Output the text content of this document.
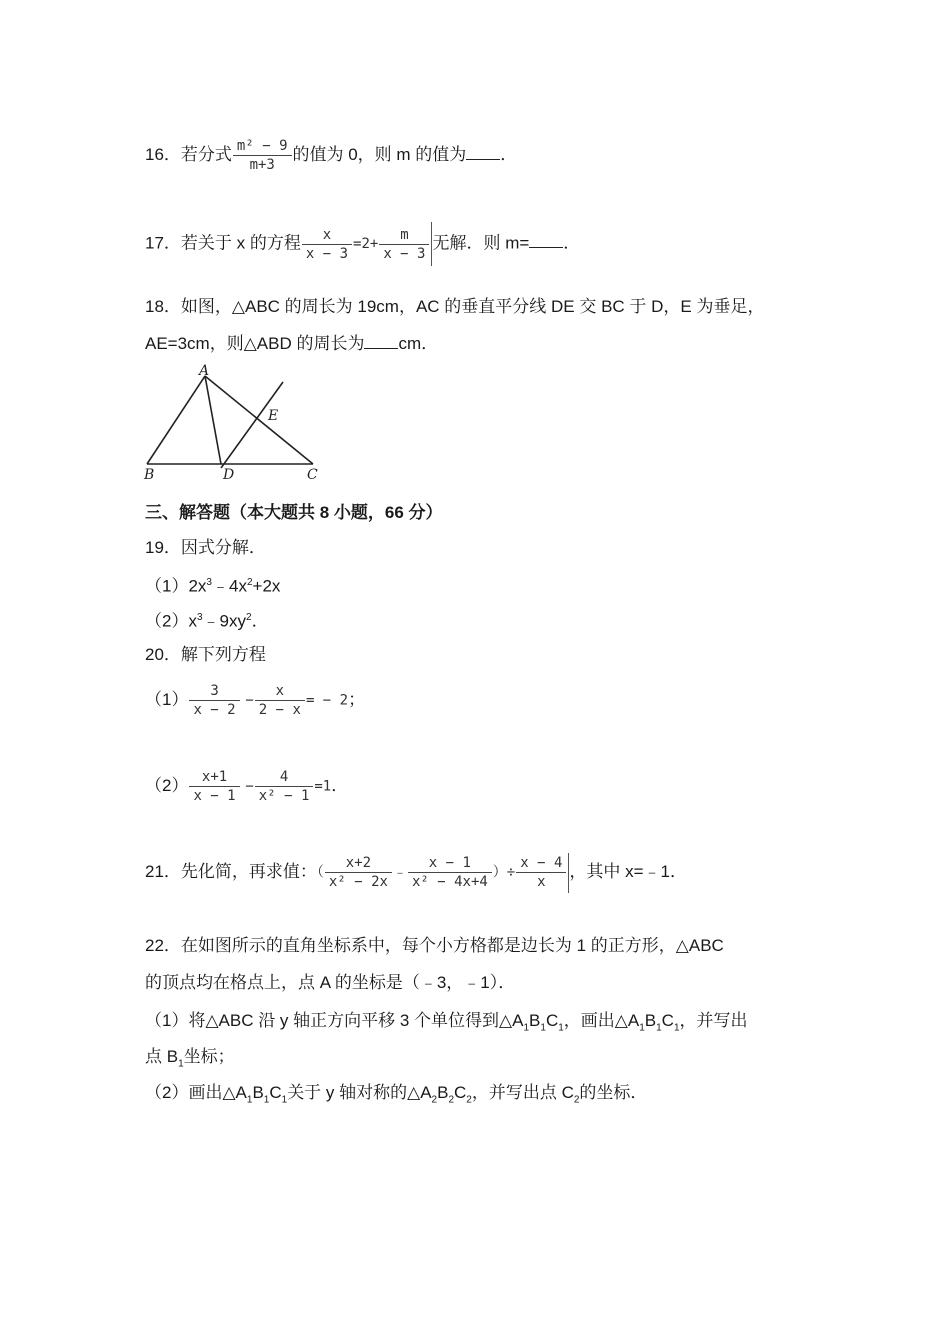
16．若分式 $\frac{\text{m² − 9}}{m+3}$ 的值为 0，则 m 的值为 ．
17．若关于 x 的方程 $\frac{x}{x - 3} =2+ \frac{m}{x - 3}$ 无解．则 m= ．
18．如图，△ABC 的周长为 19cm，AC 的垂直平分线 DE 交 BC 于 D，E 为垂足，
AE=3cm，则△ABD 的周长为 cm．
A
B	C
D
E
三、解答题（本大题共 8 小题，66 分）
19．因式分解．
$(1)2x^3﹣4x^2+2x$
$(2)x^3﹣9xy^2$．
20．解下列方程
$(1) \frac{3}{x - 2} - \frac{x}{2 - x}$ = − 2；
$(2) \frac{x+1}{x - 1} - \frac{4}{\text{x² − 1}} =1$．
21．先化简，再求值：（ $\frac{x+2}{\text{x² − 2x}}$ ﹣ $\frac{x - 1}{\text{x² − 4x+4}}$ ）÷ $\frac{x - 4}{x}$ ，其中 x=﹣1．
22．在如图所示的直角坐标系中，每个小方格都是边长为 1 的正方形，△ABC
的顶点均在格点上，点 A 的坐标是（﹣3，﹣1）．
（1）将△ABC 沿 y 轴正方向平移 3 个单位得到$\triangle A_1B_1C_1$，画出$\triangle A_1B_1C_1$，并写出
点 $B_1$坐标；
（2）画出$\triangle A_1B_1C_1$关于 y 轴对称的$\triangle A_2B_2C_2$，并写出点 $C_2$的坐标．
